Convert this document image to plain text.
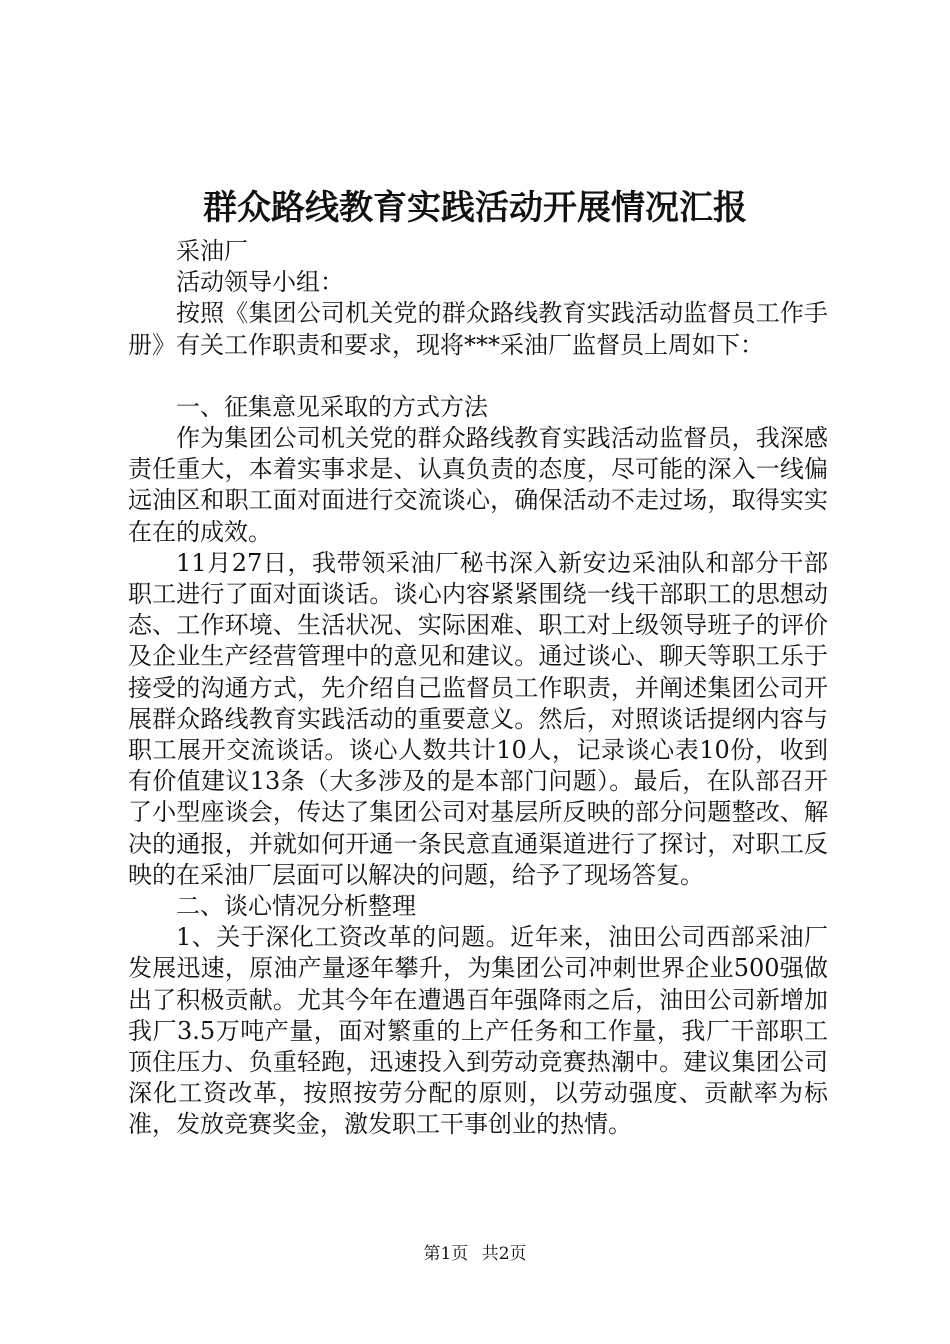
群众路线教育实践活动开展情况汇报

采油厂

活动领导小组：

按照《集团公司机关党的群众路线教育实践活动监督员工作手册》有关工作职责和要求，现将***采油厂监督员上周如下：

一、征集意见采取的方式方法

作为集团公司机关党的群众路线教育实践活动监督员，我深感责任重大，本着实事求是、认真负责的态度，尽可能的深入一线偏远油区和职工面对面进行交流谈心，确保活动不走过场，取得实实在在的成效。

11月27日，我带领采油厂秘书深入新安边采油队和部分干部职工进行了面对面谈话。谈心内容紧紧围绕一线干部职工的思想动态、工作环境、生活状况、实际困难、职工对上级领导班子的评价及企业生产经营管理中的意见和建议。通过谈心、聊天等职工乐于接受的沟通方式，先介绍自己监督员工作职责，并阐述集团公司开展群众路线教育实践活动的重要意义。然后，对照谈话提纲内容与职工展开交流谈话。谈心人数共计10人，记录谈心表10份，收到有价值建议13条（大多涉及的是本部门问题）。最后，在队部召开了小型座谈会，传达了集团公司对基层所反映的部分问题整改、解决的通报，并就如何开通一条民意直通渠道进行了探讨，对职工反映的在采油厂层面可以解决的问题，给予了现场答复。

二、谈心情况分析整理

1、关于深化工资改革的问题。近年来，油田公司西部采油厂发展迅速，原油产量逐年攀升，为集团公司冲刺世界企业500强做出了积极贡献。尤其今年在遭遇百年强降雨之后，油田公司新增加我厂3.5万吨产量，面对繁重的上产任务和工作量，我厂干部职工顶住压力、负重轻跑，迅速投入到劳动竞赛热潮中。建议集团公司深化工资改革，按照按劳分配的原则，以劳动强度、贡献率为标准，发放竞赛奖金，激发职工干事创业的热情。

第1页 共2页
